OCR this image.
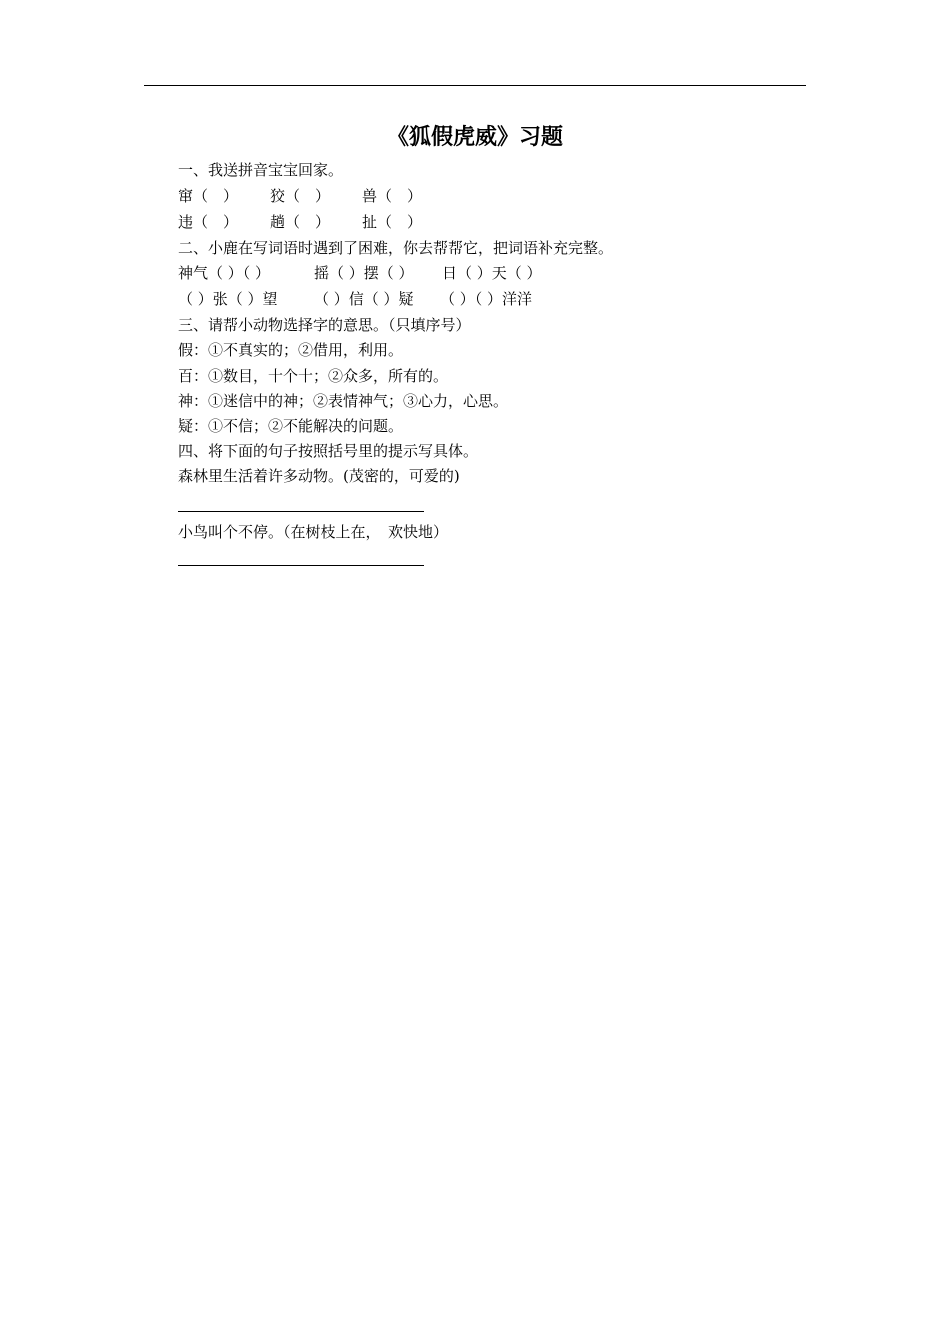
《狐假虎威》习题
一、我送拼音宝宝回家。
窜（　） 狡（　） 兽（　）
违（　） 趟（　） 扯（　）
二、小鹿在写词语时遇到了困难，你去帮帮它，把词语补充完整。
神气（ ）（ ）	摇（ ）摆（ ） 日（ ）天（ ）
（ ）张（ ）望 （ ）信（ ）疑 （ ）（ ）洋洋
三、请帮小动物选择字的意思。（只填序号）
假：①不真实的；②借用，利用。
百：①数目，十个十；②众多，所有的。
神：①迷信中的神；②表情神气；③心力，心思。
疑：①不信；②不能解决的问题。
四、将下面的句子按照括号里的提示写具体。
森林里生活着许多动物。(茂密的，可爱的)
小鸟叫个不停。（在树枝上在，　欢快地）
